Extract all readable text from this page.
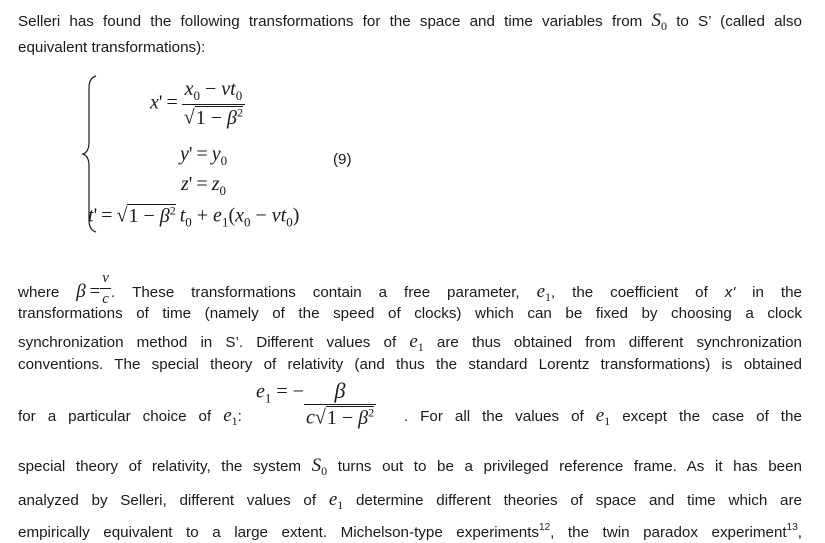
Selleri has found the following transformations for the space and time variables from $S_0$ to S’ (called also
equivalent transformations):
$x' = \frac{x_0 - vt_0}{√1 - \beta^2}$
$y' = y_0$
$z' = z_0$
$t' = √1 - \beta^2$  $t_0 + e_1(x_0 - vt_0)$
(9)
where $\beta = \frac{v}{c}$ . These transformations contain a free parameter, $e_1$, the coefficient of x' in the
transformations of time (namely of the speed of clocks) which can be fixed by choosing a clock
synchronization method in S’. Different values of $e_1$ are thus obtained from different synchronization
conventions. The special theory of relativity (and thus the standard Lorentz transformations) is obtained
for a particular choice of $e_1$:	. For all the values of $e_1$ except the case of the
$e_1$ = − $\frac{\beta}{c√1 - \beta^2}$
special theory of relativity, the system $S_0$ turns out to be a privileged reference frame. As it has been
analyzed by Selleri, different values of $e_1$ determine different theories of space and time which are
empirically equivalent to a large extent. Michelson-type experiments$^{12}$, the twin paradox experiment$^{13}$,
